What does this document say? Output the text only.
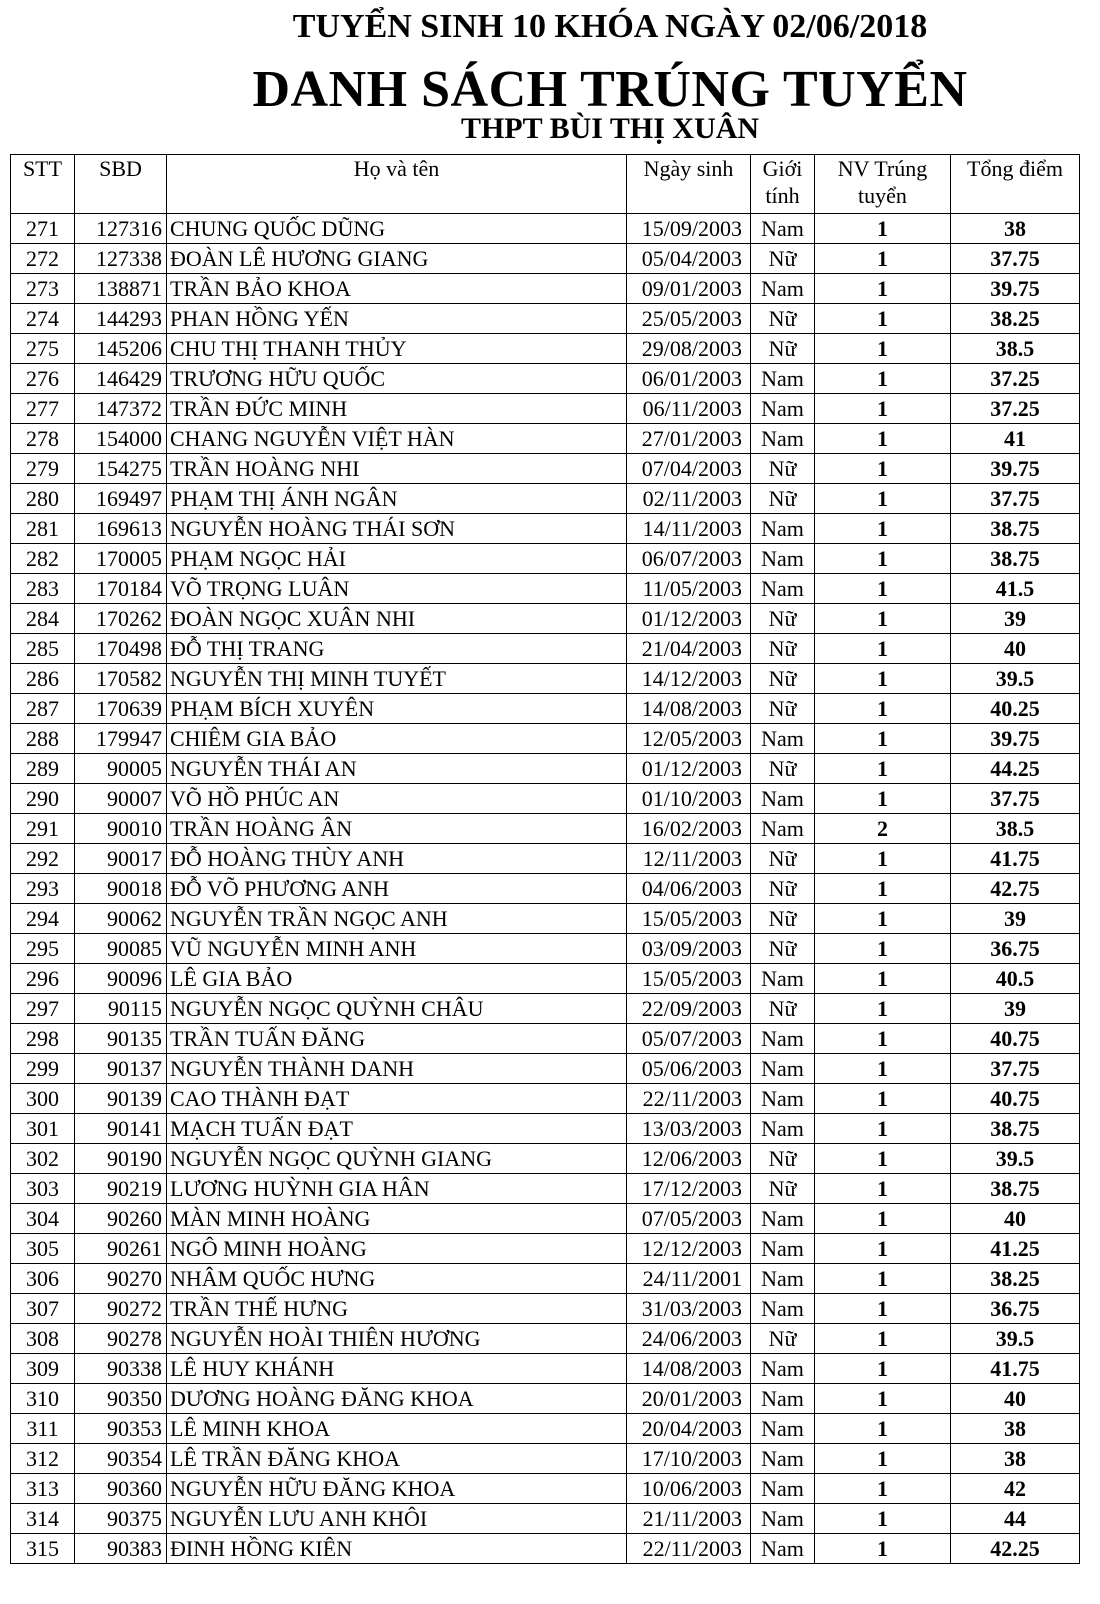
TUYỂN SINH 10 KHÓA NGÀY 02/06/2018
DANH SÁCH TRÚNG TUYỂN
THPT BÙI THỊ XUÂN
STT	SBD	Họ và tên	Ngày sinh	Giới tính	NV Trúng tuyển	Tổng điểm
271	127316	CHUNG QUỐC DŨNG	15/09/2003	Nam	1	38
272	127338	ĐOÀN LÊ HƯƠNG GIANG	05/04/2003	Nữ	1	37.75
273	138871	TRẦN BẢO KHOA	09/01/2003	Nam	1	39.75
274	144293	PHAN HỒNG YẾN	25/05/2003	Nữ	1	38.25
275	145206	CHU THỊ THANH THỦY	29/08/2003	Nữ	1	38.5
276	146429	TRƯƠNG HỮU QUỐC	06/01/2003	Nam	1	37.25
277	147372	TRẦN ĐỨC MINH	06/11/2003	Nam	1	37.25
278	154000	CHANG NGUYỄN VIỆT HÀN	27/01/2003	Nam	1	41
279	154275	TRẦN HOÀNG NHI	07/04/2003	Nữ	1	39.75
280	169497	PHẠM THỊ ÁNH NGÂN	02/11/2003	Nữ	1	37.75
281	169613	NGUYỄN HOÀNG THÁI SƠN	14/11/2003	Nam	1	38.75
282	170005	PHẠM NGỌC HẢI	06/07/2003	Nam	1	38.75
283	170184	VÕ TRỌNG LUÂN	11/05/2003	Nam	1	41.5
284	170262	ĐOÀN NGỌC XUÂN NHI	01/12/2003	Nữ	1	39
285	170498	ĐỖ THỊ TRANG	21/04/2003	Nữ	1	40
286	170582	NGUYỄN THỊ MINH TUYẾT	14/12/2003	Nữ	1	39.5
287	170639	PHẠM BÍCH XUYÊN	14/08/2003	Nữ	1	40.25
288	179947	CHIÊM GIA BẢO	12/05/2003	Nam	1	39.75
289	90005	NGUYỄN THÁI AN	01/12/2003	Nữ	1	44.25
290	90007	VÕ HỒ PHÚC AN	01/10/2003	Nam	1	37.75
291	90010	TRẦN HOÀNG ÂN	16/02/2003	Nam	2	38.5
292	90017	ĐỖ HOÀNG THÙY ANH	12/11/2003	Nữ	1	41.75
293	90018	ĐỖ VÕ PHƯƠNG ANH	04/06/2003	Nữ	1	42.75
294	90062	NGUYỄN TRẦN NGỌC ANH	15/05/2003	Nữ	1	39
295	90085	VŨ NGUYỄN MINH ANH	03/09/2003	Nữ	1	36.75
296	90096	LÊ GIA BẢO	15/05/2003	Nam	1	40.5
297	90115	NGUYỄN NGỌC QUỲNH CHÂU	22/09/2003	Nữ	1	39
298	90135	TRẦN TUẤN ĐĂNG	05/07/2003	Nam	1	40.75
299	90137	NGUYỄN THÀNH DANH	05/06/2003	Nam	1	37.75
300	90139	CAO THÀNH ĐẠT	22/11/2003	Nam	1	40.75
301	90141	MẠCH TUẤN ĐẠT	13/03/2003	Nam	1	38.75
302	90190	NGUYỄN NGỌC QUỲNH GIANG	12/06/2003	Nữ	1	39.5
303	90219	LƯƠNG HUỲNH GIA HÂN	17/12/2003	Nữ	1	38.75
304	90260	MÀN MINH HOÀNG	07/05/2003	Nam	1	40
305	90261	NGÔ MINH HOÀNG	12/12/2003	Nam	1	41.25
306	90270	NHÂM QUỐC HƯNG	24/11/2001	Nam	1	38.25
307	90272	TRẦN THẾ HƯNG	31/03/2003	Nam	1	36.75
308	90278	NGUYỄN HOÀI THIÊN HƯƠNG	24/06/2003	Nữ	1	39.5
309	90338	LÊ HUY KHÁNH	14/08/2003	Nam	1	41.75
310	90350	DƯƠNG HOÀNG ĐĂNG KHOA	20/01/2003	Nam	1	40
311	90353	LÊ MINH KHOA	20/04/2003	Nam	1	38
312	90354	LÊ TRẦN ĐĂNG KHOA	17/10/2003	Nam	1	38
313	90360	NGUYỄN HỮU ĐĂNG KHOA	10/06/2003	Nam	1	42
314	90375	NGUYỄN LƯU ANH KHÔI	21/11/2003	Nam	1	44
315	90383	ĐINH HỒNG KIÊN	22/11/2003	Nam	1	42.25
